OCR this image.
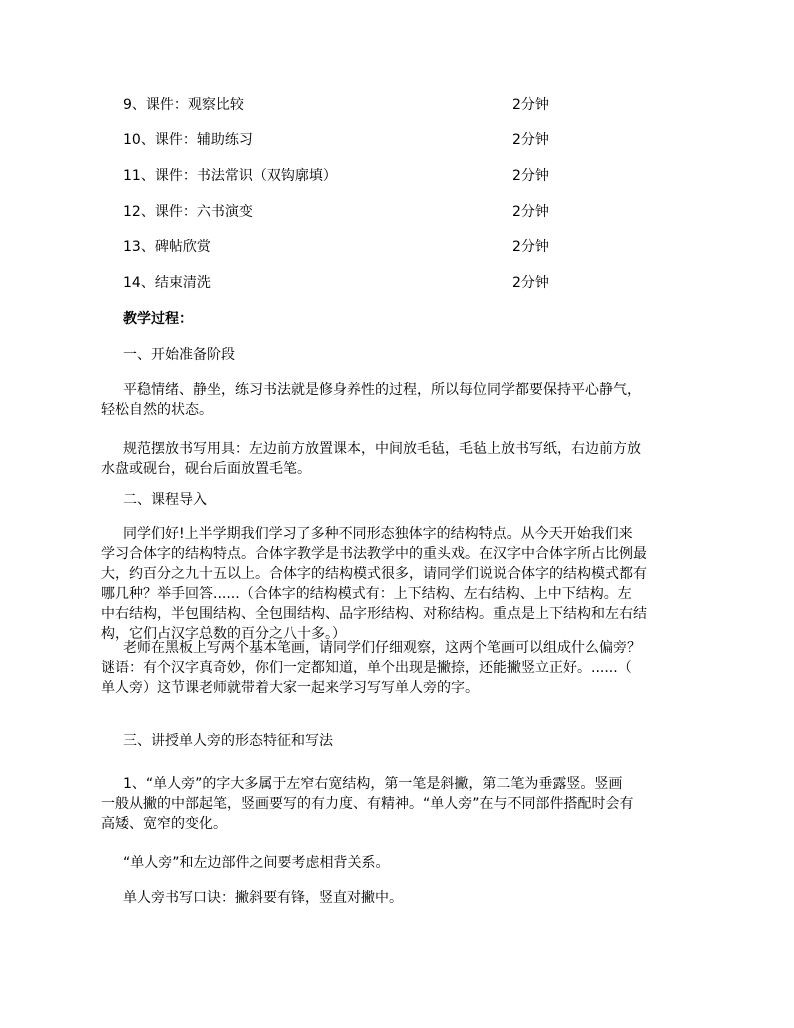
9、课件：观察比较	2分钟
10、课件：辅助练习	2分钟
11、课件：书法常识（双钩廓填）	2分钟
12、课件：六书演变	2分钟
13、碑帖欣赏	2分钟
14、结束清洗	2分钟
教学过程：
一、开始准备阶段
平稳情绪、静坐，练习书法就是修身养性的过程，所以每位同学都要保持平心静气，
轻松自然的状态。
规范摆放书写用具：左边前方放置课本，中间放毛毡，毛毡上放书写纸，右边前方放
水盘或砚台，砚台后面放置毛笔。
二、课程导入
同学们好!上半学期我们学习了多种不同形态独体字的结构特点。从今天开始我们来
学习合体字的结构特点。合体字教学是书法教学中的重头戏。在汉字中合体字所占比例最
大，约百分之九十五以上。合体字的结构模式很多，请同学们说说合体字的结构模式都有
哪几种？举手回答......（合体字的结构模式有：上下结构、左右结构、上中下结构。左
中右结构，半包围结构、全包围结构、品字形结构、对称结构。重点是上下结构和左右结
构，它们占汉字总数的百分之八十多。）
老师在黑板上写两个基本笔画，请同学们仔细观察，这两个笔画可以组成什么偏旁？
谜语：有个汉字真奇妙，你们一定都知道，单个出现是撇捺，还能撇竖立正好。......（
单人旁）这节课老师就带着大家一起来学习写写单人旁的字。
三、讲授单人旁的形态特征和写法
1、“单人旁”的字大多属于左窄右宽结构，第一笔是斜撇，第二笔为垂露竖。竖画
一般从撇的中部起笔，竖画要写的有力度、有精神。“单人旁”在与不同部件搭配时会有
高矮、宽窄的变化。
“单人旁”和左边部件之间要考虑相背关系。
单人旁书写口诀：撇斜要有锋，竖直对撇中。
